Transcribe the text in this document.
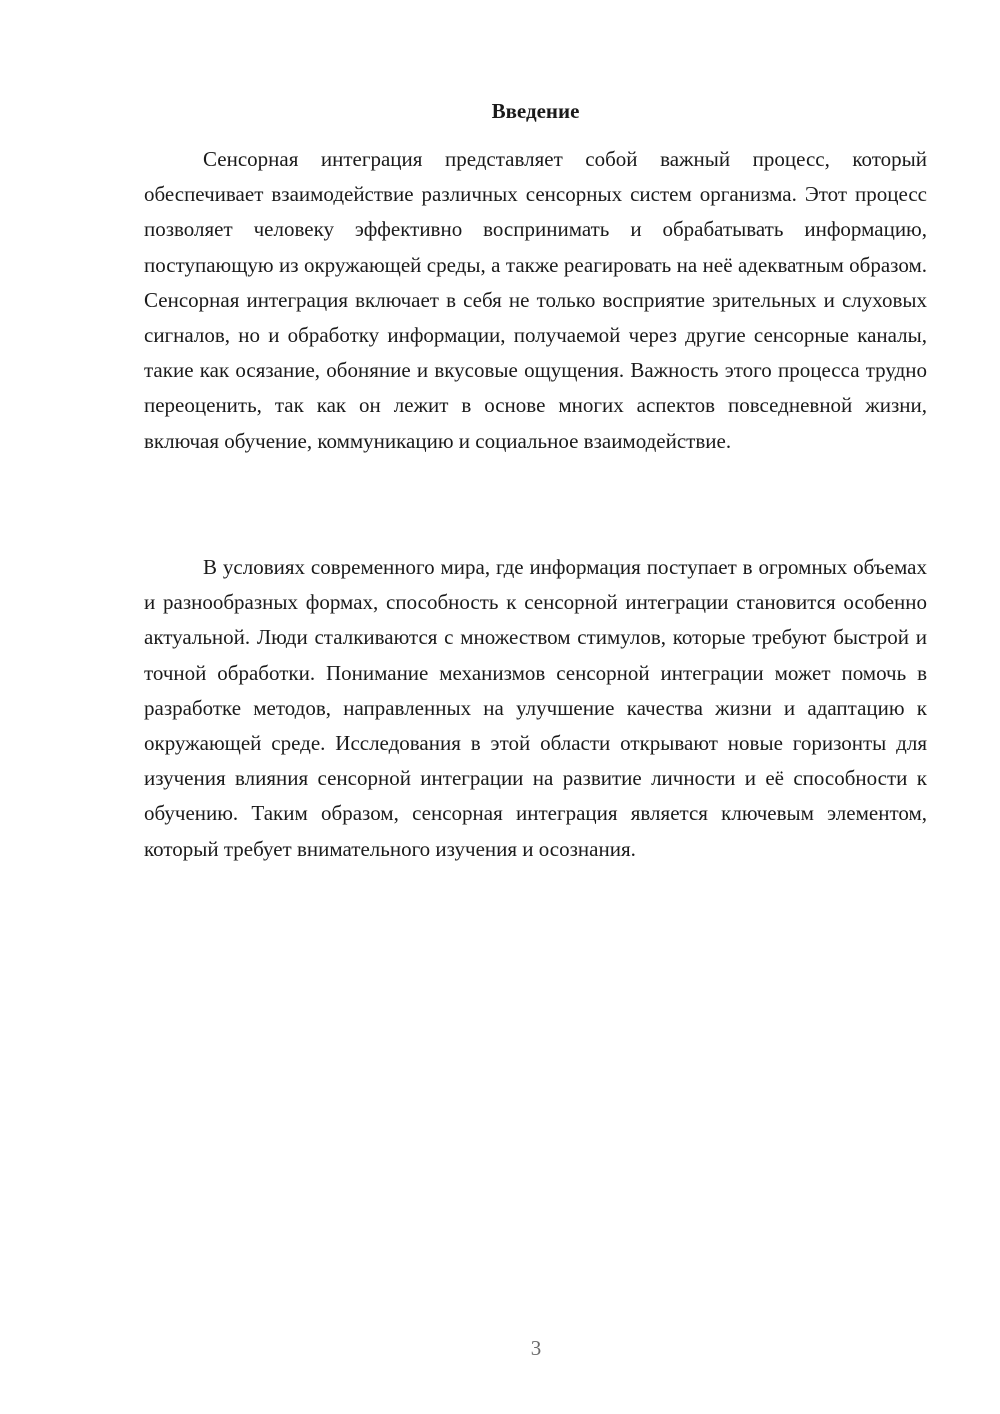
Введение

Сенсорная интеграция представляет собой важный процесс, который обеспечивает взаимодействие различных сенсорных систем организма. Этот процесс позволяет человеку эффективно воспринимать и обрабатывать информацию, поступающую из окружающей среды, а также реагировать на неё адекватным образом. Сенсорная интеграция включает в себя не только восприятие зрительных и слуховых сигналов, но и обработку информации, получаемой через другие сенсорные каналы, такие как осязание, обоняние и вкусовые ощущения. Важность этого процесса трудно переоценить, так как он лежит в основе многих аспектов повседневной жизни, включая обучение, коммуникацию и социальное взаимодействие.

В условиях современного мира, где информация поступает в огромных объемах и разнообразных формах, способность к сенсорной интеграции становится особенно актуальной. Люди сталкиваются с множеством стимулов, которые требуют быстрой и точной обработки. Понимание механизмов сенсорной интеграции может помочь в разработке методов, направленных на улучшение качества жизни и адаптацию к окружающей среде. Исследования в этой области открывают новые горизонты для изучения влияния сенсорной интеграции на развитие личности и её способности к обучению. Таким образом, сенсорная интеграция является ключевым элементом, который требует внимательного изучения и осознания.

3
